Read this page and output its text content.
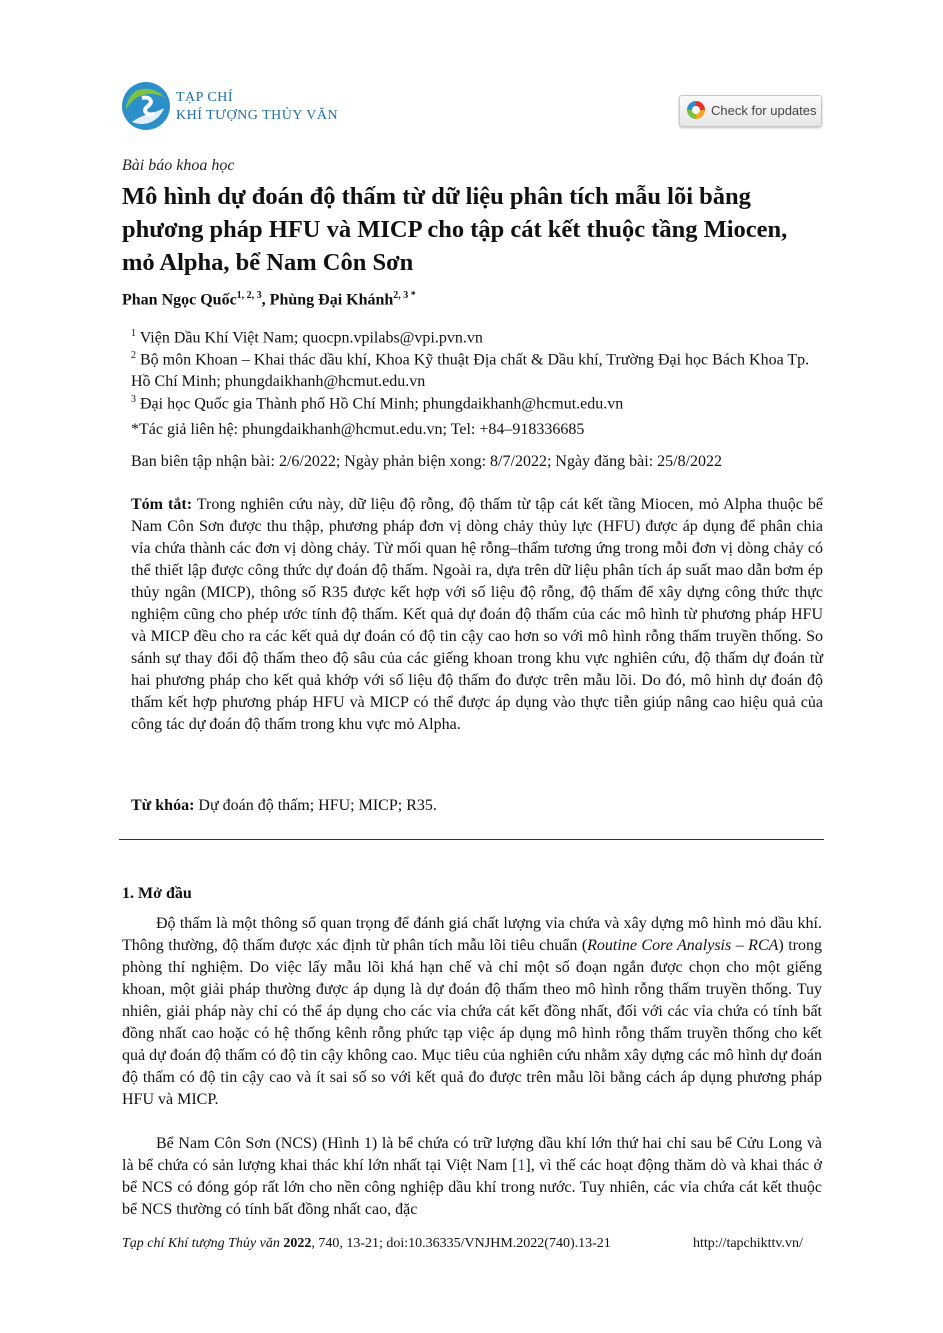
TẠP CHÍ
KHÍ TƯỢNG THỦY VĂN	Check for updates
Bài báo khoa học
Mô hình dự đoán độ thấm từ dữ liệu phân tích mẫu lõi bằng phương pháp HFU và MICP cho tập cát kết thuộc tầng Miocen, mỏ Alpha, bể Nam Côn Sơn
Phan Ngọc Quốc$^{1, 2, 3}$, Phùng Đại Khánh$^{2, 3 *}$
$^1$ Viện Dầu Khí Việt Nam; quocpn.vpilabs@vpi.pvn.vn
$^2$ Bộ môn Khoan – Khai thác dầu khí, Khoa Kỹ thuật Địa chất & Dầu khí, Trường Đại học Bách Khoa Tp. Hồ Chí Minh; phungdaikhanh@hcmut.edu.vn
$^3$ Đại học Quốc gia Thành phố Hồ Chí Minh; phungdaikhanh@hcmut.edu.vn
*Tác giả liên hệ: phungdaikhanh@hcmut.edu.vn; Tel: +84–918336685
Ban biên tập nhận bài: 2/6/2022; Ngày phản biện xong: 8/7/2022; Ngày đăng bài: 25/8/2022
Tóm tắt: Trong nghiên cứu này, dữ liệu độ rỗng, độ thấm từ tập cát kết tầng Miocen, mỏ Alpha thuộc bể Nam Côn Sơn được thu thập, phương pháp đơn vị dòng chảy thủy lực (HFU) được áp dụng để phân chia vỉa chứa thành các đơn vị dòng chảy. Từ mối quan hệ rỗng–thấm tương ứng trong mỗi đơn vị dòng chảy có thể thiết lập được công thức dự đoán độ thấm. Ngoài ra, dựa trên dữ liệu phân tích áp suất mao dẫn bơm ép thủy ngân (MICP), thông số R35 được kết hợp với số liệu độ rỗng, độ thấm để xây dựng công thức thực nghiệm cũng cho phép ước tính độ thấm. Kết quả dự đoán độ thấm của các mô hình từ phương pháp HFU và MICP đều cho ra các kết quả dự đoán có độ tin cậy cao hơn so với mô hình rỗng thấm truyền thống. So sánh sự thay đổi độ thấm theo độ sâu của các giếng khoan trong khu vực nghiên cứu, độ thấm dự đoán từ hai phương pháp cho kết quả khớp với số liệu độ thấm đo được trên mẫu lõi. Do đó, mô hình dự đoán độ thấm kết hợp phương pháp HFU và MICP có thể được áp dụng vào thực tiễn giúp nâng cao hiệu quả của công tác dự đoán độ thấm trong khu vực mỏ Alpha.
Từ khóa: Dự đoán độ thấm; HFU; MICP; R35.
1. Mở đầu
Độ thấm là một thông số quan trọng để đánh giá chất lượng vỉa chứa và xây dựng mô hình mỏ dầu khí. Thông thường, độ thấm được xác định từ phân tích mẫu lõi tiêu chuẩn (Routine Core Analysis – RCA) trong phòng thí nghiệm. Do việc lấy mẫu lõi khá hạn chế và chỉ một số đoạn ngắn được chọn cho một giếng khoan, một giải pháp thường được áp dụng là dự đoán độ thấm theo mô hình rỗng thấm truyền thống. Tuy nhiên, giải pháp này chỉ có thể áp dụng cho các vỉa chứa cát kết đồng nhất, đối với các vỉa chứa có tính bất đồng nhất cao hoặc có hệ thống kênh rỗng phức tạp việc áp dụng mô hình rỗng thấm truyền thống cho kết quả dự đoán độ thấm có độ tin cậy không cao. Mục tiêu của nghiên cứu nhằm xây dựng các mô hình dự đoán độ thấm có độ tin cậy cao và ít sai số so với kết quả đo được trên mẫu lõi bằng cách áp dụng phương pháp HFU và MICP.
Bể Nam Côn Sơn (NCS) (Hình 1) là bể chứa có trữ lượng dầu khí lớn thứ hai chỉ sau bể Cửu Long và là bể chứa có sản lượng khai thác khí lớn nhất tại Việt Nam [1], vì thế các hoạt động thăm dò và khai thác ở bể NCS có đóng góp rất lớn cho nền công nghiệp dầu khí trong nước. Tuy nhiên, các vỉa chứa cát kết thuộc bể NCS thường có tính bất đồng nhất cao, đặc
Tạp chí Khí tượng Thủy văn 2022, 740, 13-21; doi:10.36335/VNJHM.2022(740).13-21	http://tapchikttv.vn/
